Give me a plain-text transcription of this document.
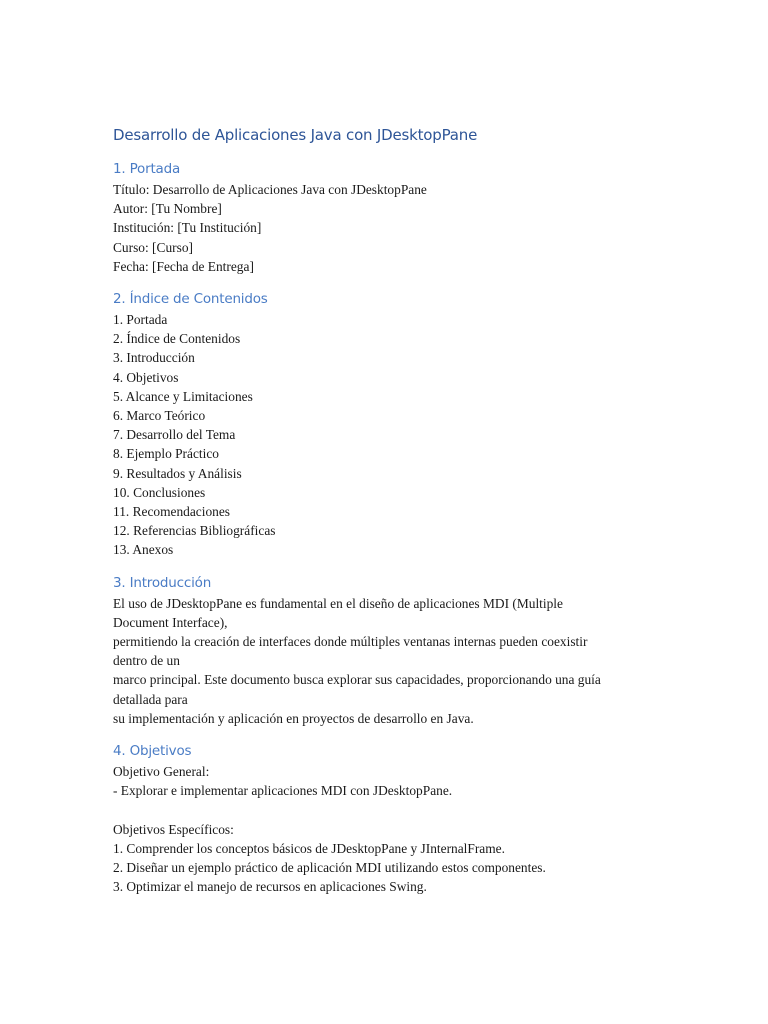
Desarrollo de Aplicaciones Java con JDesktopPane
1. Portada
Título: Desarrollo de Aplicaciones Java con JDesktopPane
Autor: [Tu Nombre]
Institución: [Tu Institución]
Curso: [Curso]
Fecha: [Fecha de Entrega]
2. Índice de Contenidos
1. Portada
2. Índice de Contenidos
3. Introducción
4. Objetivos
5. Alcance y Limitaciones
6. Marco Teórico
7. Desarrollo del Tema
8. Ejemplo Práctico
9. Resultados y Análisis
10. Conclusiones
11. Recomendaciones
12. Referencias Bibliográficas
13. Anexos
3. Introducción
El uso de JDesktopPane es fundamental en el diseño de aplicaciones MDI (Multiple
Document Interface),
permitiendo la creación de interfaces donde múltiples ventanas internas pueden coexistir
dentro de un
marco principal. Este documento busca explorar sus capacidades, proporcionando una guía
detallada para
su implementación y aplicación en proyectos de desarrollo en Java.
4. Objetivos
Objetivo General:
- Explorar e implementar aplicaciones MDI con JDesktopPane.
Objetivos Específicos:
1. Comprender los conceptos básicos de JDesktopPane y JInternalFrame.
2. Diseñar un ejemplo práctico de aplicación MDI utilizando estos componentes.
3. Optimizar el manejo de recursos en aplicaciones Swing.
